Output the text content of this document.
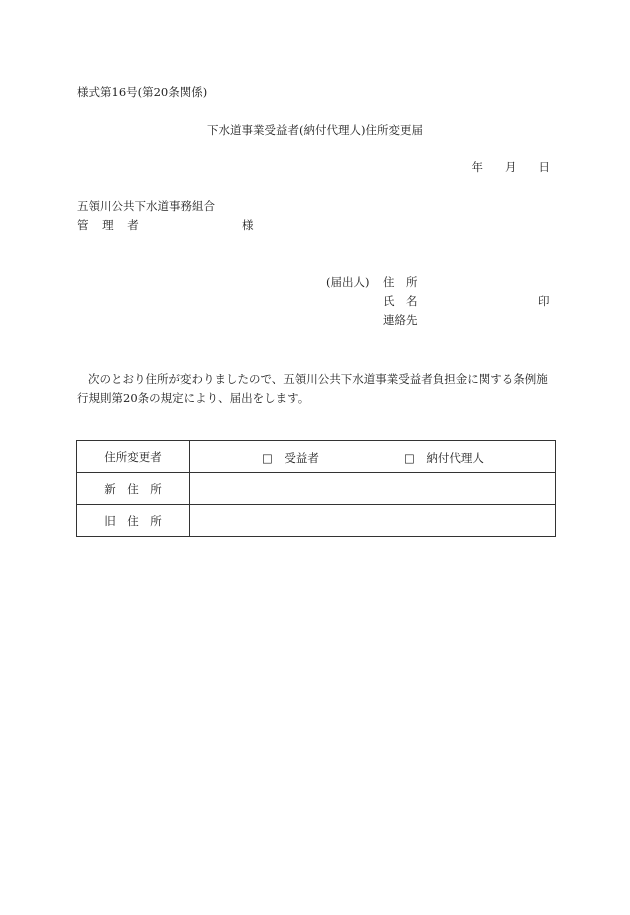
様式第16号(第20条関係)
下水道事業受益者(納付代理人)住所変更届
年 月 日
五領川公共下水道事務組合
管 理 者	様
(届出人) 住　所
氏　名
連絡先
印
次のとおり住所が変わりましたので、五領川公共下水道事業受益者負担金に関する条例施行規則第20条の規定により、届出をします。
住所変更者	□　受益者 □　納付代理人

新　住　所	
旧　住　所	
